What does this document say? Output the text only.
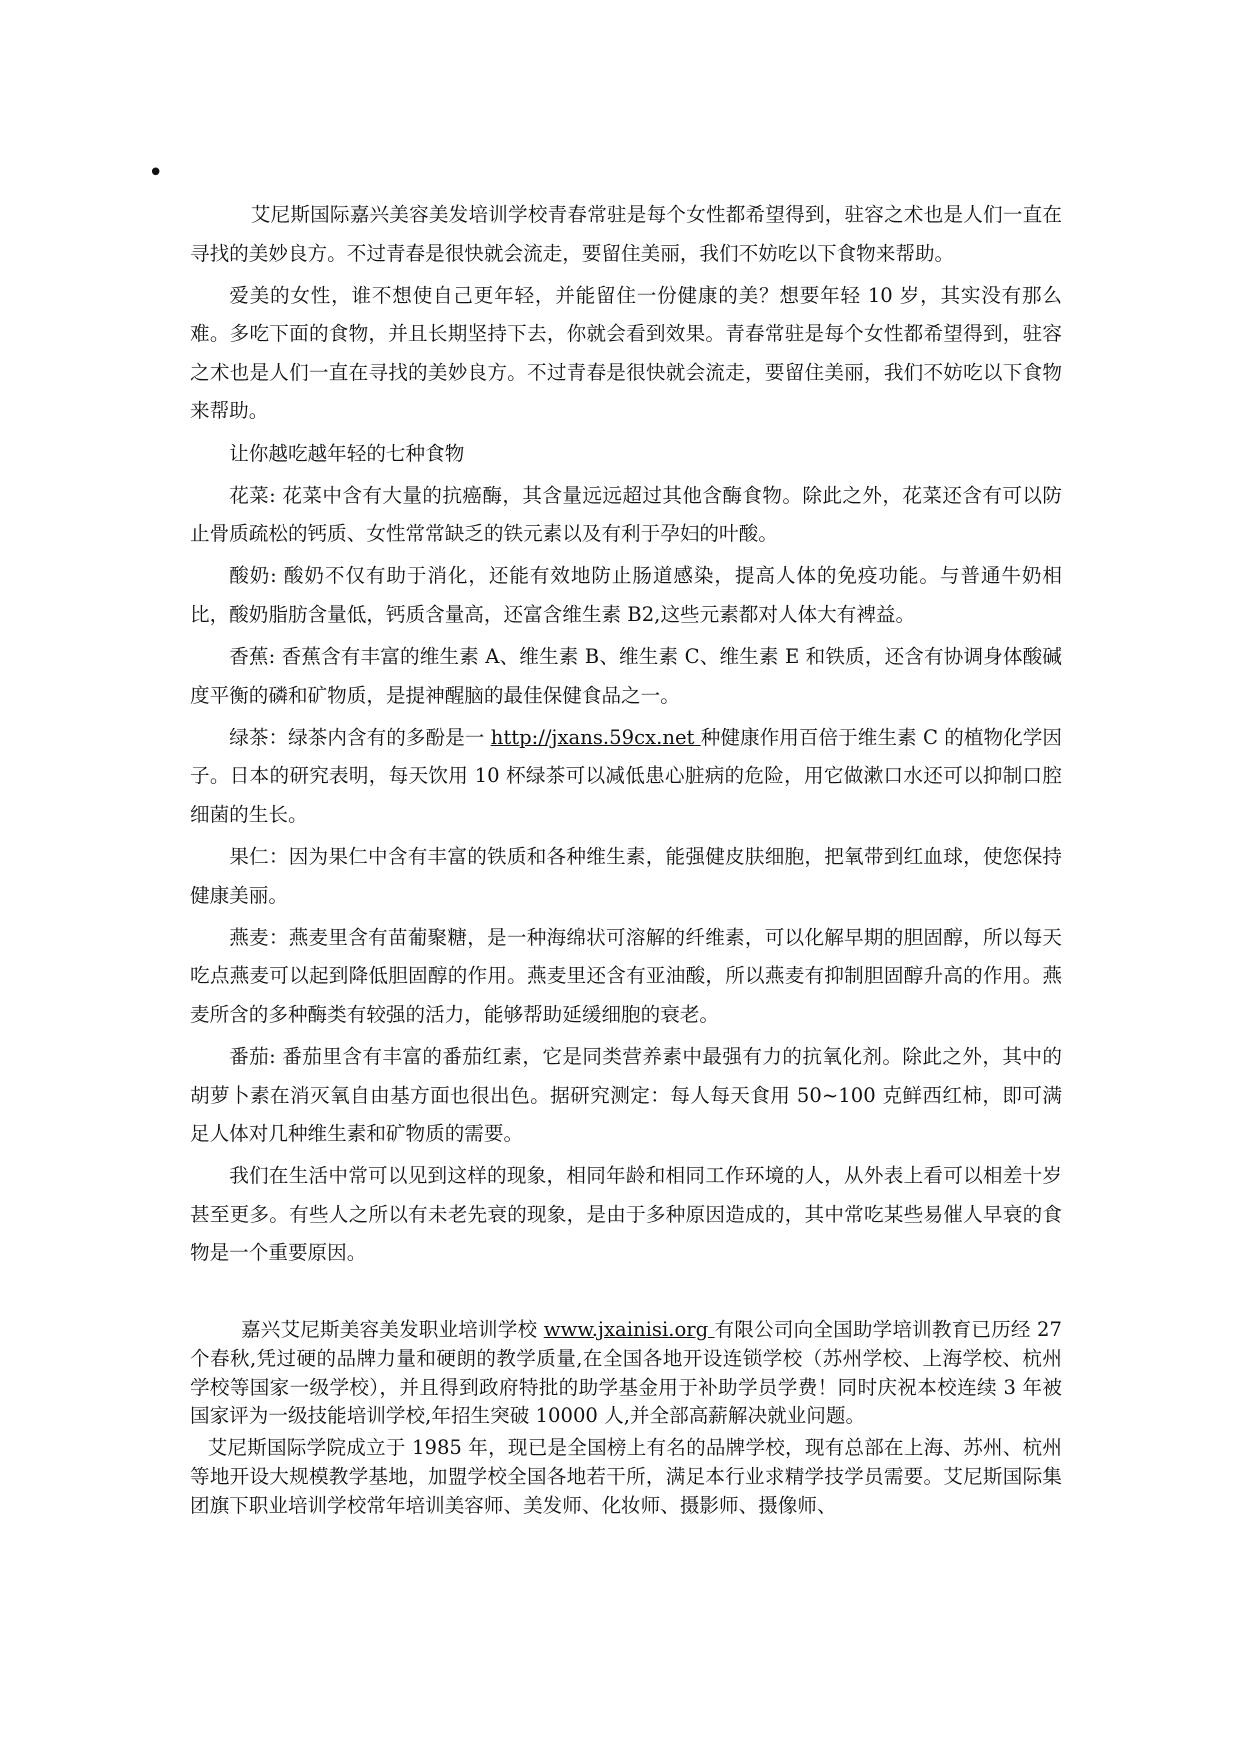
•

艾尼斯国际嘉兴美容美发培训学校青春常驻是每个女性都希望得到，驻容之术也是人们一直在寻找的美妙良方。不过青春是很快就会流走，要留住美丽，我们不妨吃以下食物来帮助。

爱美的女性，谁不想使自己更年轻，并能留住一份健康的美？想要年轻 10 岁，其实没有那么难。多吃下面的食物，并且长期坚持下去，你就会看到效果。青春常驻是每个女性都希望得到，驻容之术也是人们一直在寻找的美妙良方。不过青春是很快就会流走，要留住美丽，我们不妨吃以下食物来帮助。

让你越吃越年轻的七种食物

花菜: 花菜中含有大量的抗癌酶，其含量远远超过其他含酶食物。除此之外，花菜还含有可以防止骨质疏松的钙质、女性常常缺乏的铁元素以及有利于孕妇的叶酸。

酸奶: 酸奶不仅有助于消化，还能有效地防止肠道感染，提高人体的免疫功能。与普通牛奶相比，酸奶脂肪含量低，钙质含量高，还富含维生素 B2,这些元素都对人体大有裨益。

香蕉: 香蕉含有丰富的维生素 A、维生素 B、维生素 C、维生素 E 和铁质，还含有协调身体酸碱度平衡的磷和矿物质，是提神醒脑的最佳保健食品之一。

绿茶：绿茶内含有的多酚是一 http://jxans.59cx.net 种健康作用百倍于维生素 C 的植物化学因子。日本的研究表明，每天饮用 10 杯绿茶可以减低患心脏病的危险，用它做漱口水还可以抑制口腔细菌的生长。

果仁：因为果仁中含有丰富的铁质和各种维生素，能强健皮肤细胞，把氧带到红血球，使您保持健康美丽。

燕麦：燕麦里含有苗葡聚糖，是一种海绵状可溶解的纤维素，可以化解早期的胆固醇，所以每天吃点燕麦可以起到降低胆固醇的作用。燕麦里还含有亚油酸，所以燕麦有抑制胆固醇升高的作用。燕麦所含的多种酶类有较强的活力，能够帮助延缓细胞的衰老。

番茄: 番茄里含有丰富的番茄红素，它是同类营养素中最强有力的抗氧化剂。除此之外，其中的胡萝卜素在消灭氧自由基方面也很出色。据研究测定：每人每天食用 50~100 克鲜西红柿，即可满足人体对几种维生素和矿物质的需要。

我们在生活中常可以见到这样的现象，相同年龄和相同工作环境的人，从外表上看可以相差十岁甚至更多。有些人之所以有未老先衰的现象，是由于多种原因造成的，其中常吃某些易催人早衰的食物是一个重要原因。

嘉兴艾尼斯美容美发职业培训学校 www.jxainisi.org 有限公司向全国助学培训教育已历经 27 个春秋,凭过硬的品牌力量和硬朗的教学质量,在全国各地开设连锁学校（苏州学校、上海学校、杭州学校等国家一级学校），并且得到政府特批的助学基金用于补助学员学费！同时庆祝本校连续 3 年被国家评为一级技能培训学校,年招生突破 10000 人,并全部高薪解决就业问题。

艾尼斯国际学院成立于 1985 年，现已是全国榜上有名的品牌学校，现有总部在上海、苏州、杭州等地开设大规模教学基地，加盟学校全国各地若干所，满足本行业求精学技学员需要。艾尼斯国际集团旗下职业培训学校常年培训美容师、美发师、化妆师、摄影师、摄像师、
